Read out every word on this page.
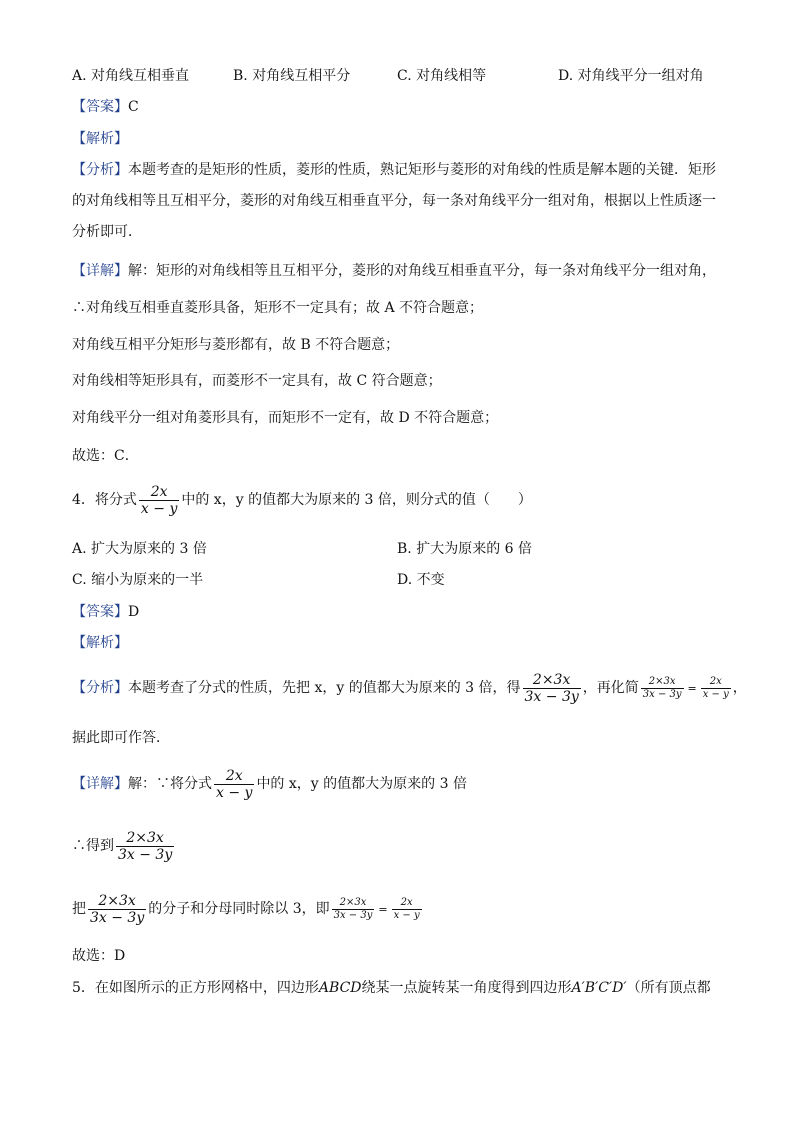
A. 对角线互相垂直	B. 对角线互相平分	C. 对角线相等	D. 对角线平分一组对角
【答案】C
【解析】
【分析】本题考查的是矩形的性质，菱形的性质，熟记矩形与菱形的对角线的性质是解本题的关键．矩形
的对角线相等且互相平分，菱形的对角线互相垂直平分，每一条对角线平分一组对角，根据以上性质逐一
分析即可．
【详解】解：矩形的对角线相等且互相平分，菱形的对角线互相垂直平分，每一条对角线平分一组对角，
∴对角线互相垂直菱形具备，矩形不一定具有；故 A 不符合题意；
对角线互相平分矩形与菱形都有，故 B 不符合题意；
对角线相等矩形具有，而菱形不一定具有，故 C 符合题意；
对角线平分一组对角菱形具有，而矩形不一定有，故 D 不符合题意；
故选：C．
4．将分式 $\frac{2x}{x - y}$ 中的 x，y 的值都大为原来的 3 倍，则分式的值（　　）
A. 扩大为原来的 3 倍	B. 扩大为原来的 6 倍
C. 缩小为原来的一半	D. 不变
【答案】D
【解析】
【分析】本题考查了分式的性质，先把 x，y 的值都大为原来的 3 倍，得 $\frac{2\times 3x}{3x - 3y}$ ，再化简 $\frac{2\times 3x}{3x - 3y} = \frac{2x}{x - y}$ ，
据此即可作答．
【详解】解：∵将分式 $\frac{2x}{x - y}$ 中的 x，y 的值都大为原来的 3 倍
∴得到 $\frac{2\times 3x}{3x - 3y}$
把 $\frac{2\times 3x}{3x - 3y}$ 的分子和分母同时除以 3，即 $\frac{2\times 3x}{3x - 3y} = \frac{2x}{x - y}$
故选：D
5．在如图所示的正方形网格中，四边形ABCD绕某一点旋转某一角度得到四边形A′B′C′D′（所有顶点都
